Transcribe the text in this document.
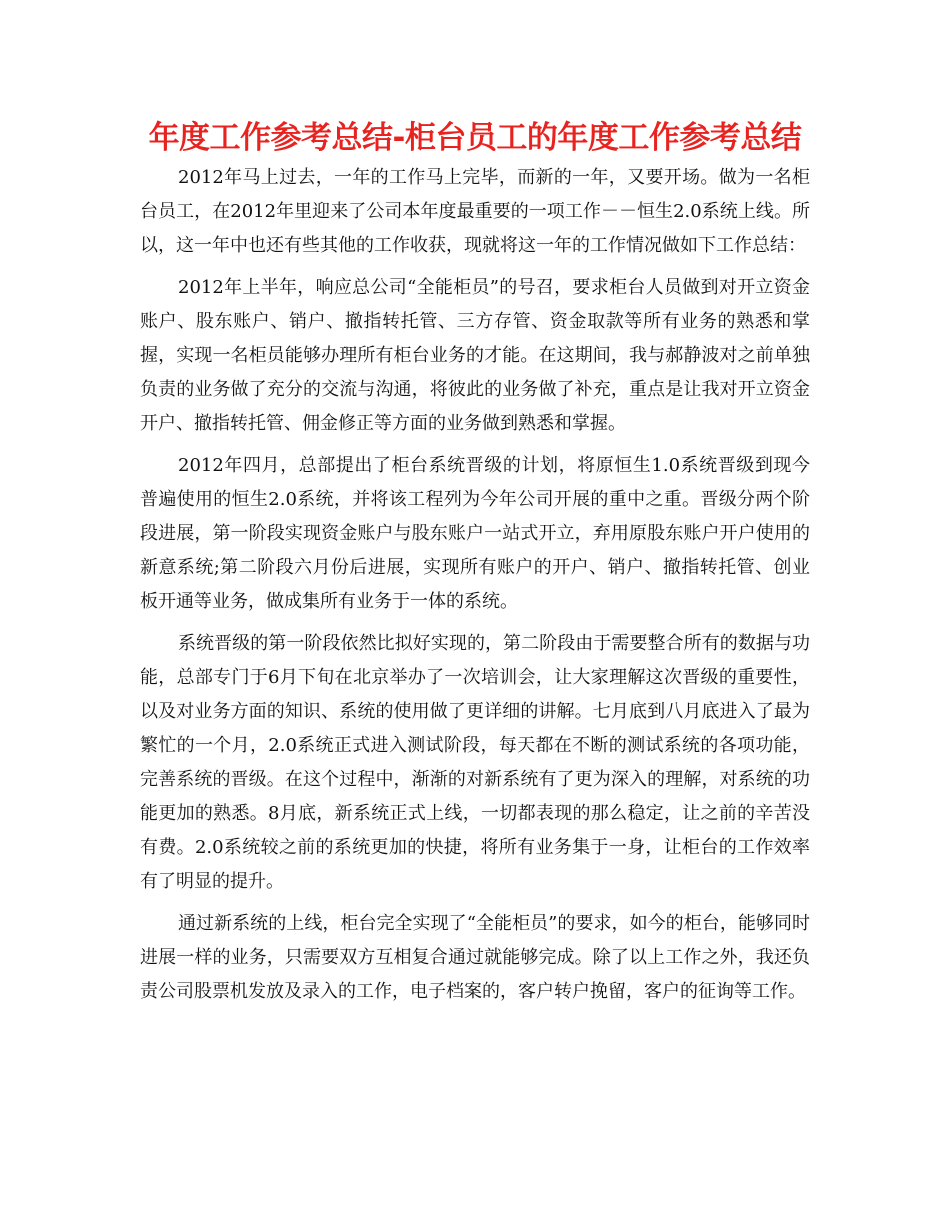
年度工作参考总结-柜台员工的年度工作参考总结

2012年马上过去，一年的工作马上完毕，而新的一年，又要开场。做为一名柜台员工，在2012年里迎来了公司本年度最重要的一项工作－－恒生2.0系统上线。所以，这一年中也还有些其他的工作收获，现就将这一年的工作情况做如下工作总结：

2012年上半年，响应总公司“全能柜员”的号召，要求柜台人员做到对开立资金账户、股东账户、销户、撤指转托管、三方存管、资金取款等所有业务的熟悉和掌握，实现一名柜员能够办理所有柜台业务的才能。在这期间，我与郝静波对之前单独负责的业务做了充分的交流与沟通，将彼此的业务做了补充，重点是让我对开立资金开户、撤指转托管、佣金修正等方面的业务做到熟悉和掌握。

2012年四月，总部提出了柜台系统晋级的计划，将原恒生1.0系统晋级到现今普遍使用的恒生2.0系统，并将该工程列为今年公司开展的重中之重。晋级分两个阶段进展，第一阶段实现资金账户与股东账户一站式开立，弃用原股东账户开户使用的新意系统;第二阶段六月份后进展，实现所有账户的开户、销户、撤指转托管、创业板开通等业务，做成集所有业务于一体的系统。

系统晋级的第一阶段依然比拟好实现的，第二阶段由于需要整合所有的数据与功能，总部专门于6月下旬在北京举办了一次培训会，让大家理解这次晋级的重要性，以及对业务方面的知识、系统的使用做了更详细的讲解。七月底到八月底进入了最为繁忙的一个月，2.0系统正式进入测试阶段，每天都在不断的测试系统的各项功能，完善系统的晋级。在这个过程中，渐渐的对新系统有了更为深入的理解，对系统的功能更加的熟悉。8月底，新系统正式上线，一切都表现的那么稳定，让之前的辛苦没有费。2.0系统较之前的系统更加的快捷，将所有业务集于一身，让柜台的工作效率有了明显的提升。

通过新系统的上线，柜台完全实现了“全能柜员”的要求，如今的柜台，能够同时进展一样的业务，只需要双方互相复合通过就能够完成。除了以上工作之外，我还负责公司股票机发放及录入的工作，电子档案的，客户转户挽留，客户的征询等工作。
